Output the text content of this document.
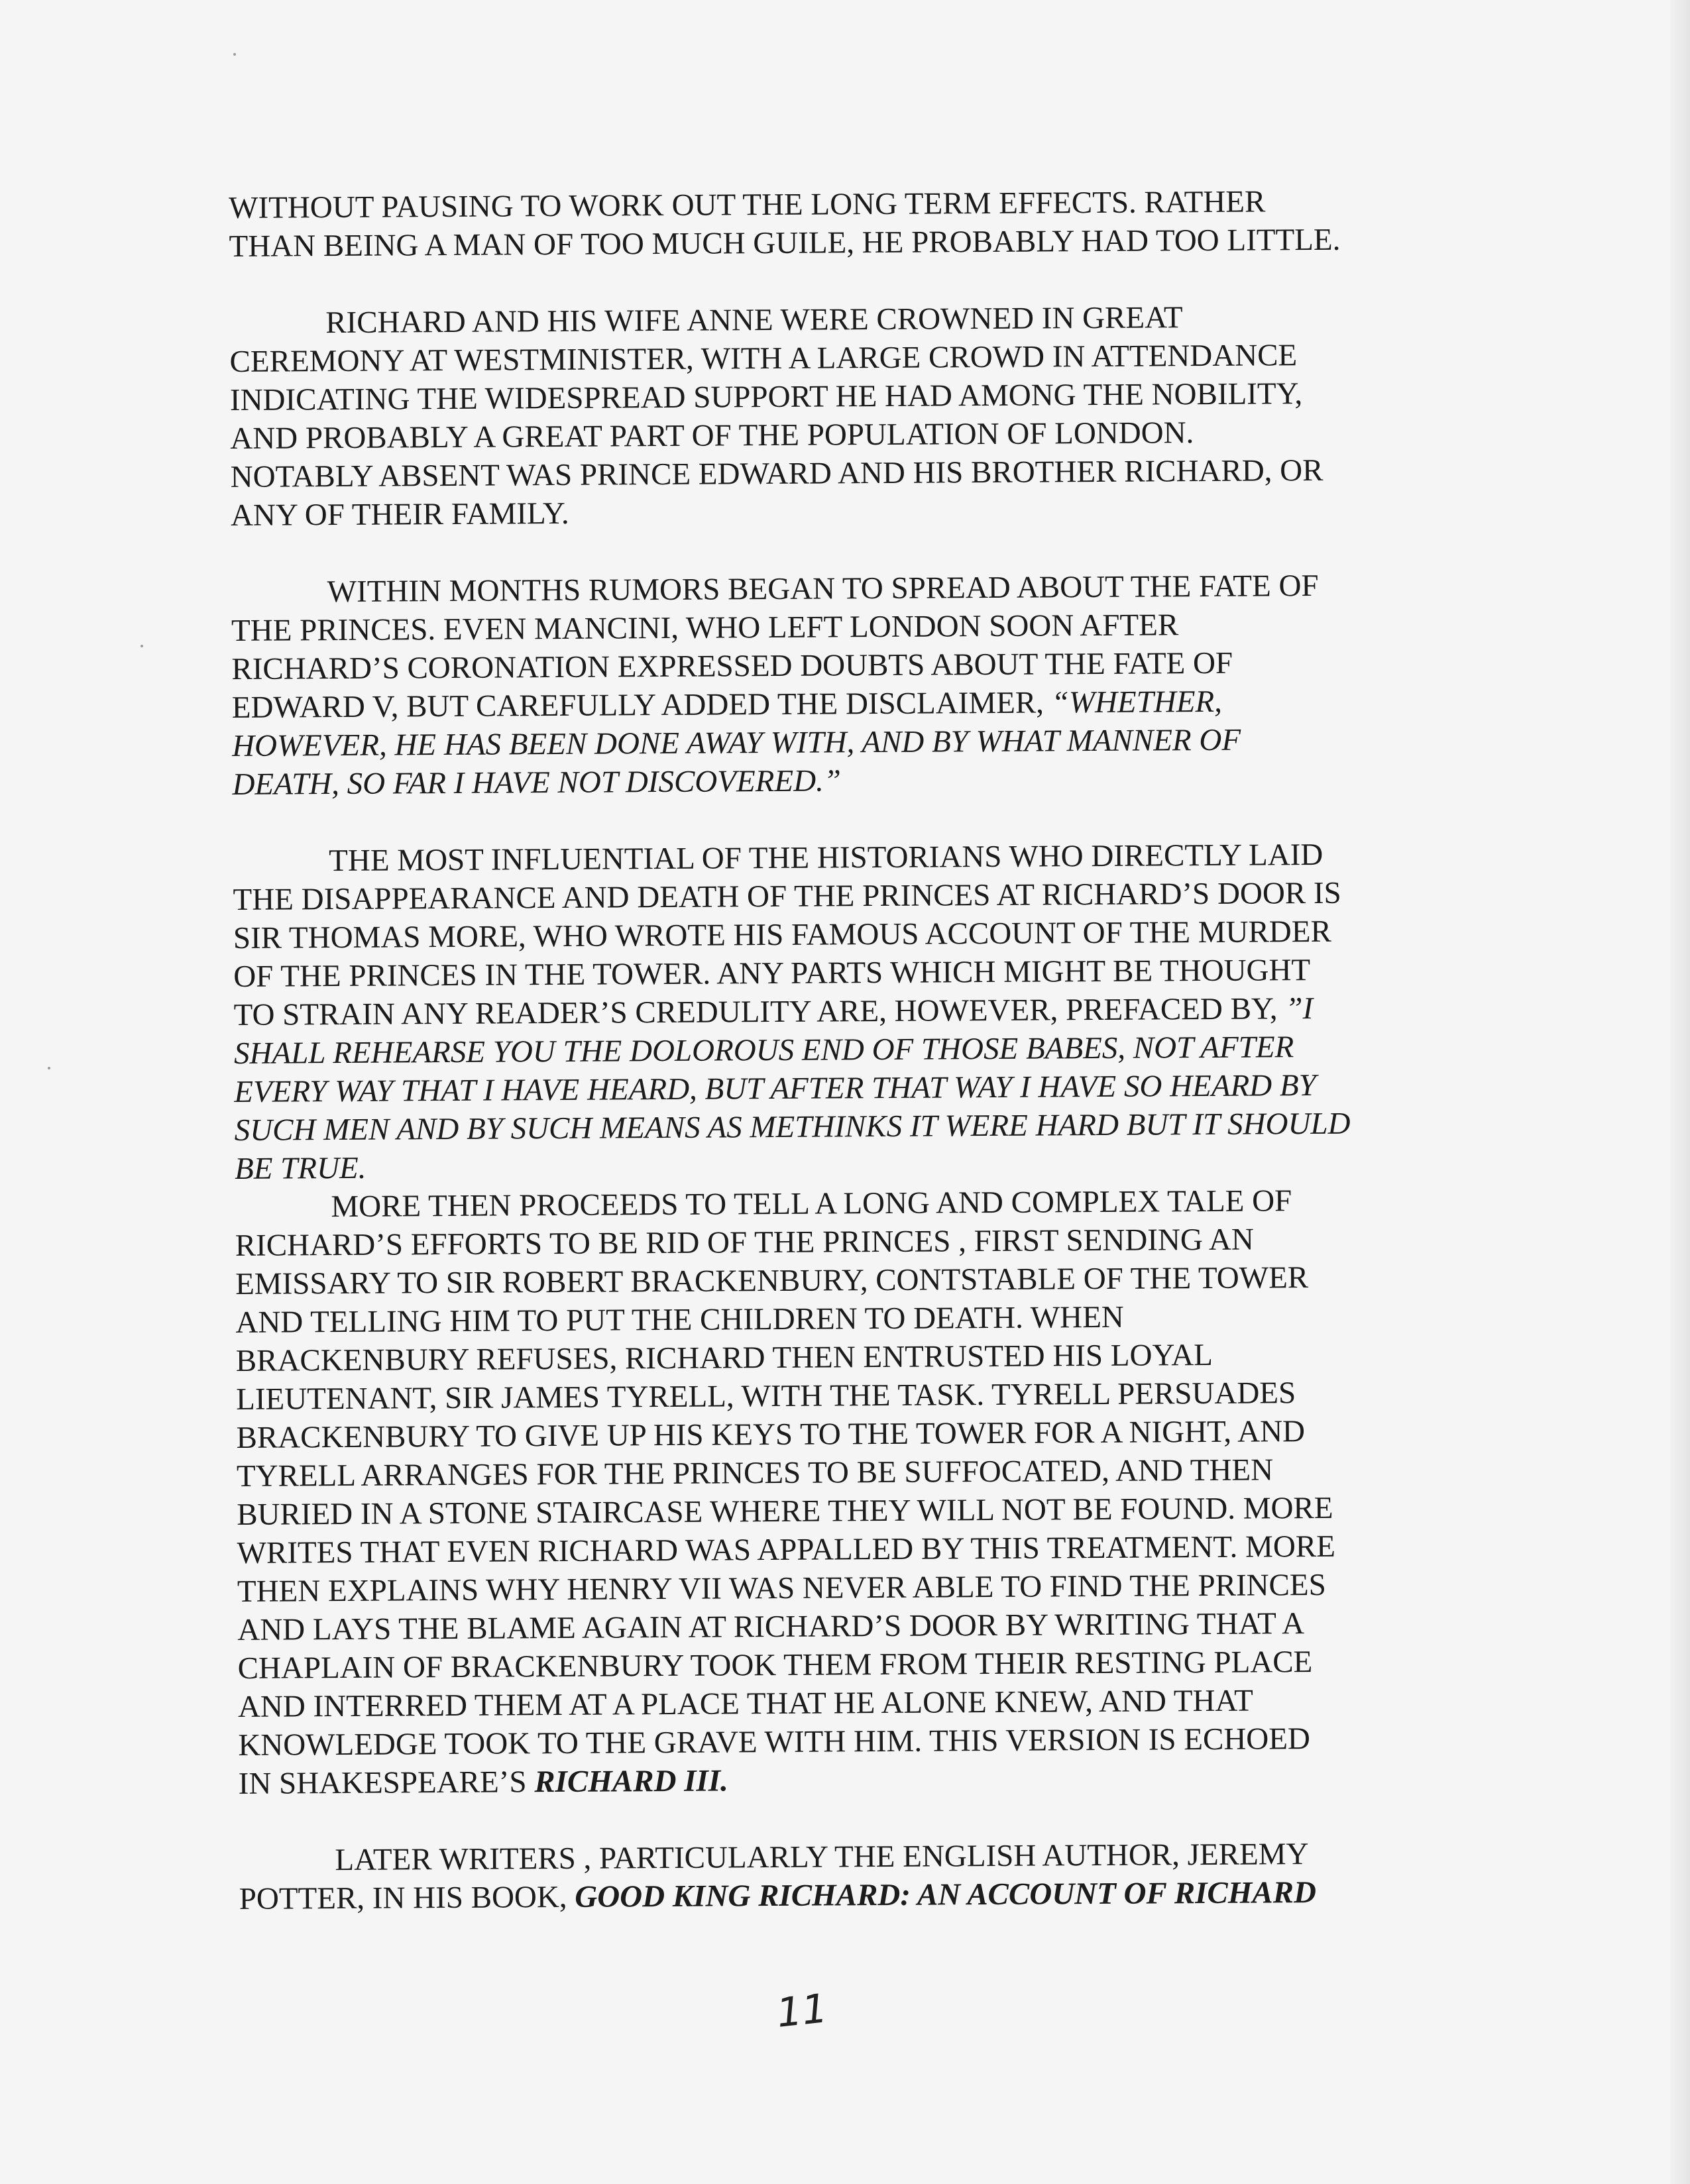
WITHOUT PAUSING TO WORK OUT THE LONG TERM EFFECTS. RATHER
THAN BEING A MAN OF TOO MUCH GUILE, HE PROBABLY HAD TOO LITTLE.

RICHARD AND HIS WIFE ANNE WERE CROWNED IN GREAT
CEREMONY AT WESTMINISTER, WITH A LARGE CROWD IN ATTENDANCE
INDICATING THE WIDESPREAD SUPPORT HE HAD AMONG THE NOBILITY,
AND PROBABLY A GREAT PART OF THE POPULATION OF LONDON.
NOTABLY ABSENT WAS PRINCE EDWARD AND HIS BROTHER RICHARD, OR
ANY OF THEIR FAMILY.

WITHIN MONTHS RUMORS BEGAN TO SPREAD ABOUT THE FATE OF
THE PRINCES. EVEN MANCINI, WHO LEFT LONDON SOON AFTER
RICHARD’S CORONATION EXPRESSED DOUBTS ABOUT THE FATE OF
EDWARD V, BUT CAREFULLY ADDED THE DISCLAIMER, “WHETHER,
HOWEVER, HE HAS BEEN DONE AWAY WITH, AND BY WHAT MANNER OF
DEATH, SO FAR I HAVE NOT DISCOVERED.”

THE MOST INFLUENTIAL OF THE HISTORIANS WHO DIRECTLY LAID
THE DISAPPEARANCE AND DEATH OF THE PRINCES AT RICHARD’S DOOR IS
SIR THOMAS MORE, WHO WROTE HIS FAMOUS ACCOUNT OF THE MURDER
OF THE PRINCES IN THE TOWER. ANY PARTS WHICH MIGHT BE THOUGHT
TO STRAIN ANY READER’S CREDULITY ARE, HOWEVER, PREFACED BY, ”I
SHALL REHEARSE YOU THE DOLOROUS END OF THOSE BABES, NOT AFTER
EVERY WAY THAT I HAVE HEARD, BUT AFTER THAT WAY I HAVE SO HEARD BY
SUCH MEN AND BY SUCH MEANS AS METHINKS IT WERE HARD BUT IT SHOULD
BE TRUE.

MORE THEN PROCEEDS TO TELL A LONG AND COMPLEX TALE OF
RICHARD’S EFFORTS TO BE RID OF THE PRINCES , FIRST SENDING AN
EMISSARY TO SIR ROBERT BRACKENBURY, CONTSTABLE OF THE TOWER
AND TELLING HIM TO PUT THE CHILDREN TO DEATH. WHEN
BRACKENBURY REFUSES, RICHARD THEN ENTRUSTED HIS LOYAL
LIEUTENANT, SIR JAMES TYRELL, WITH THE TASK. TYRELL PERSUADES
BRACKENBURY TO GIVE UP HIS KEYS TO THE TOWER FOR A NIGHT, AND
TYRELL ARRANGES FOR THE PRINCES TO BE SUFFOCATED, AND THEN
BURIED IN A STONE STAIRCASE WHERE THEY WILL NOT BE FOUND. MORE
WRITES THAT EVEN RICHARD WAS APPALLED BY THIS TREATMENT. MORE
THEN EXPLAINS WHY HENRY VII WAS NEVER ABLE TO FIND THE PRINCES
AND LAYS THE BLAME AGAIN AT RICHARD’S DOOR BY WRITING THAT A
CHAPLAIN OF BRACKENBURY TOOK THEM FROM THEIR RESTING PLACE
AND INTERRED THEM AT A PLACE THAT HE ALONE KNEW, AND THAT
KNOWLEDGE TOOK TO THE GRAVE WITH HIM. THIS VERSION IS ECHOED
IN SHAKESPEARE’S RICHARD III.

LATER WRITERS , PARTICULARLY THE ENGLISH AUTHOR, JEREMY
POTTER, IN HIS BOOK, GOOD KING RICHARD: AN ACCOUNT OF RICHARD

11
